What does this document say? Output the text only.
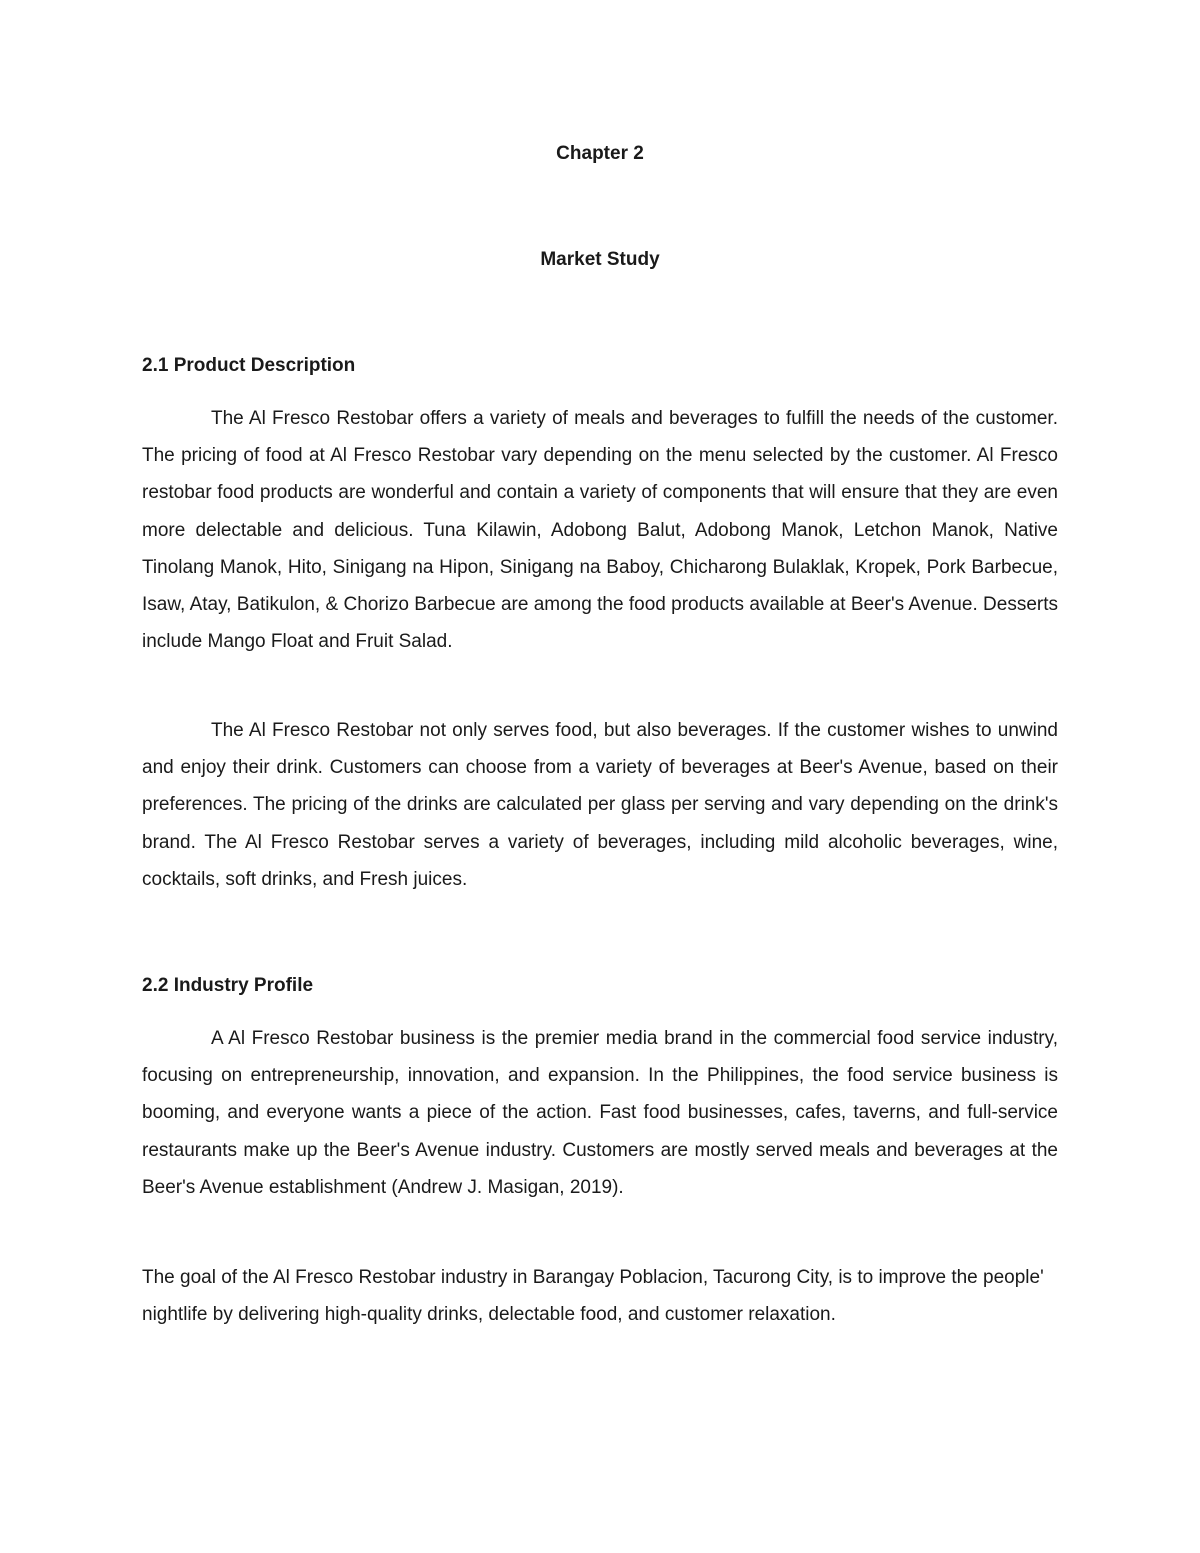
Chapter 2
Market Study
2.1 Product Description

The Al Fresco Restobar offers a variety of meals and beverages to fulfill the needs of the customer. The pricing of food at Al Fresco Restobar vary depending on the menu selected by the customer. Al Fresco restobar food products are wonderful and contain a variety of components that will ensure that they are even more delectable and delicious. Tuna Kilawin, Adobong Balut, Adobong Manok, Letchon Manok, Native Tinolang Manok, Hito, Sinigang na Hipon, Sinigang na Baboy, Chicharong Bulaklak, Kropek, Pork Barbecue, Isaw, Atay, Batikulon, & Chorizo Barbecue are among the food products available at Beer's Avenue. Desserts include Mango Float and Fruit Salad.

The Al Fresco Restobar not only serves food, but also beverages. If the customer wishes to unwind and enjoy their drink. Customers can choose from a variety of beverages at Beer's Avenue, based on their preferences. The pricing of the drinks are calculated per glass per serving and vary depending on the drink's brand. The Al Fresco Restobar serves a variety of beverages, including mild alcoholic beverages, wine, cocktails, soft drinks, and Fresh juices.

2.2 Industry Profile

A Al Fresco Restobar business is the premier media brand in the commercial food service industry, focusing on entrepreneurship, innovation, and expansion. In the Philippines, the food service business is booming, and everyone wants a piece of the action. Fast food businesses, cafes, taverns, and full-service restaurants make up the Beer's Avenue industry. Customers are mostly served meals and beverages at the Beer's Avenue establishment (Andrew J. Masigan, 2019).

The goal of the Al Fresco Restobar industry in Barangay Poblacion, Tacurong City, is to improve the people' nightlife by delivering high-quality drinks, delectable food, and customer relaxation.
